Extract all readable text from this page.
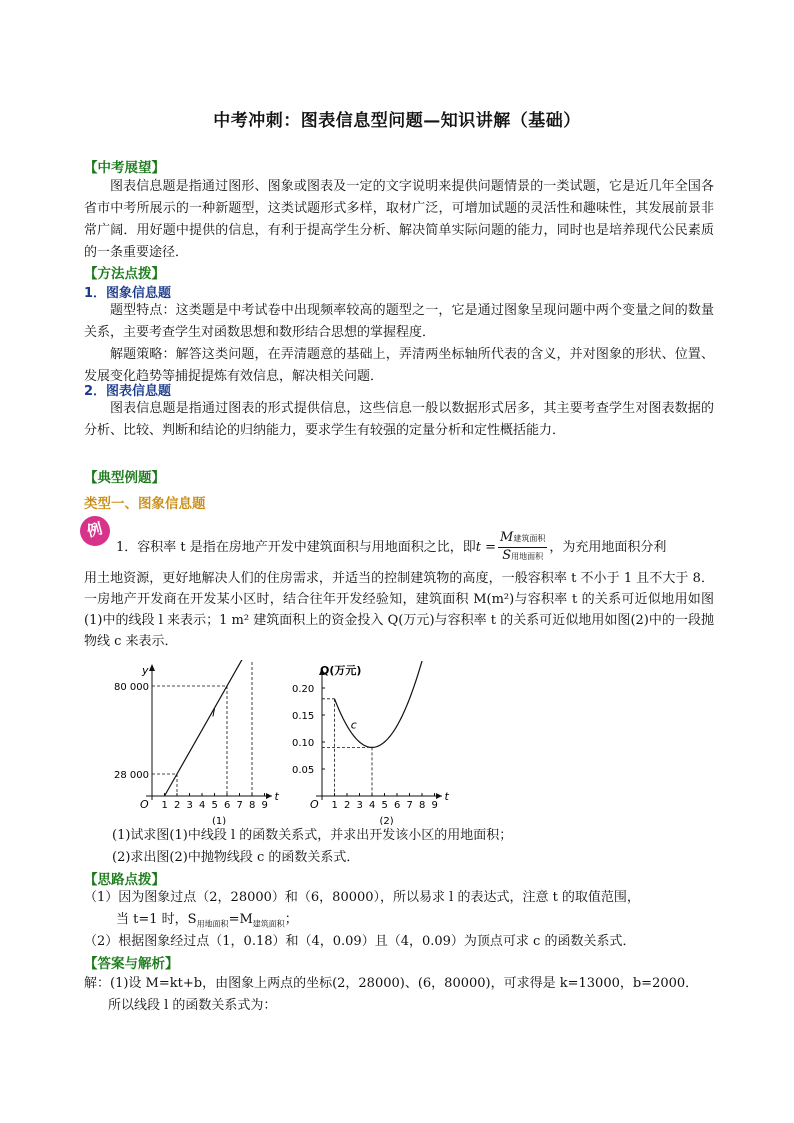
中考冲刺：图表信息型问题—知识讲解（基础）
【中考展望】
图表信息题是指通过图形、图象或图表及一定的文字说明来提供问题情景的一类试题，它是近几年全国各省市中考所展示的一种新题型，这类试题形式多样，取材广泛，可增加试题的灵活性和趣味性，其发展前景非常广阔．用好题中提供的信息，有利于提高学生分析、解决简单实际问题的能力，同时也是培养现代公民素质的一条重要途径．
【方法点拨】
1．图象信息题
题型特点：这类题是中考试卷中出现频率较高的题型之一，它是通过图象呈现问题中两个变量之间的数量关系，主要考查学生对函数思想和数形结合思想的掌握程度．
解题策略：解答这类问题，在弄清题意的基础上，弄清两坐标轴所代表的含义，并对图象的形状、位置、发展变化趋势等捕捉提炼有效信息，解决相关问题．
2．图表信息题
图表信息题是指通过图表的形式提供信息，这些信息一般以数据形式居多，其主要考查学生对图表数据的分析、比较、判断和结论的归纳能力，要求学生有较强的定量分析和定性概括能力．
【典型例题】
类型一、图象信息题
例
1．容积率 t 是指在房地产开发中建筑面积与用地面积之比，即$t = \frac{\text{M建筑面积}}{\text{S用地面积}}$ ，为充用地面积分利
用土地资源，更好地解决人们的住房需求，并适当的控制建筑物的高度，一般容积率 t 不小于 1 且不大于 8．一房地产开发商在开发某小区时，结合往年开发经验知，建筑面积 M(m²)与容积率 t 的关系可近似地用如图(1)中的线段 l 来表示；1 m² 建筑面积上的资金投入 Q(万元)与容积率 t 的关系可近似地用如图(2)中的一段抛物线 c 来表示．
y
t
O 1 2 3 4 5 6 7 8 9
28 000
80 000
l
(1)
Q(万元)
t
O 1 2 3 4 5 6 7 8 9
0.05
0.10
0.15
0.20
c
(2)
(1)试求图(1)中线段 l 的函数关系式，并求出开发该小区的用地面积；
(2)求出图(2)中抛物线段 c 的函数关系式．
【思路点拨】
（1）因为图象过点（2，28000）和（6，80000），所以易求 l 的表达式，注意 t 的取值范围，
当 t=1 时，$S_{用地面积}=M_{建筑面积}$；
（2）根据图象经过点（1，0.18）和（4，0.09）且（4，0.09）为顶点可求 c 的函数关系式．
【答案与解析】
解：(1)设 M=kt+b，由图象上两点的坐标(2，28000)、(6，80000)，可求得是 k=13000，b=2000．
所以线段 l 的函数关系式为：
